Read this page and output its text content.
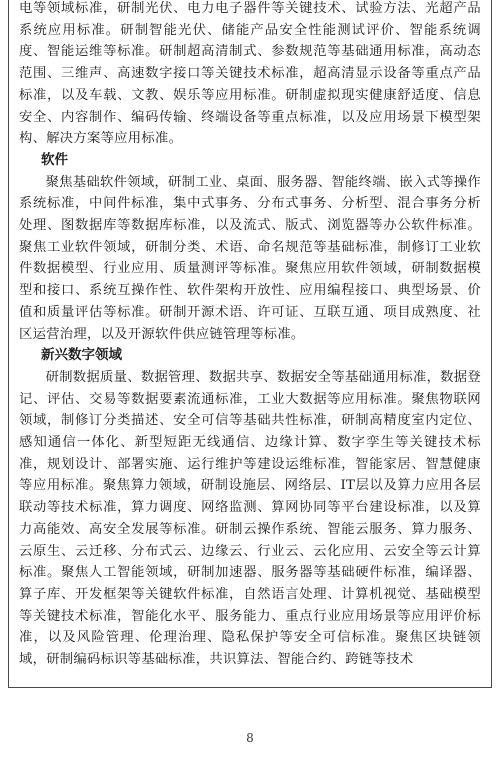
电等领域标准，研制光伏、电力电子器件等关键技术、试验方法、光超产品系统应用标准。研制智能光伏、储能产品安全性能测试评价、智能系统调度、智能运维等标准。研制超高清制式、参数规范等基础通用标准，高动态范围、三维声、高速数字接口等关键技术标准，超高清显示设备等重点产品标准，以及车载、文教、娱乐等应用标准。研制虚拟现实健康舒适度、信息安全、内容制作、编码传输、终端设备等重点标准，以及应用场景下模型架构、解决方案等应用标准。

软件

聚焦基础软件领域，研制工业、桌面、服务器、智能终端、嵌入式等操作系统标准，中间件标准，集中式事务、分布式事务、分析型、混合事务分析处理、图数据库等数据库标准，以及流式、版式、浏览器等办公软件标准。聚焦工业软件领域，研制分类、术语、命名规范等基础标准，制修订工业软件数据模型、行业应用、质量测评等标准。聚焦应用软件领域，研制数据模型和接口、系统互操作性、软件架构开放性、应用编程接口、典型场景、价值和质量评估等标准。研制开源术语、许可证、互联互通、项目成熟度、社区运营治理，以及开源软件供应链管理等标准。

新兴数字领域

研制数据质量、数据管理、数据共享、数据安全等基础通用标准，数据登记、评估、交易等数据要素流通标准，工业大数据等应用标准。聚焦物联网领域，制修订分类描述、安全可信等基础共性标准，研制高精度室内定位、感知通信一体化、新型短距无线通信、边缘计算、数字孪生等关键技术标准，规划设计、部署实施、运行维护等建设运维标准，智能家居、智慧健康等应用标准。聚焦算力领域，研制设施层、网络层、IT层以及算力应用各层联动等技术标准，算力调度、网络监测、算网协同等平台建设标准，以及算力高能效、高安全发展等标准。研制云操作系统、智能云服务、算力服务、云原生、云迁移、分布式云、边缘云、行业云、云化应用、云安全等云计算标准。聚焦人工智能领域，研制加速器、服务器等基础硬件标准，编译器、算子库、开发框架等关键软件标准，自然语言处理、计算机视觉、基础模型等关键技术标准，智能化水平、服务能力、重点行业应用场景等应用评价标准，以及风险管理、伦理治理、隐私保护等安全可信标准。聚焦区块链领域，研制编码标识等基础标准，共识算法、智能合约、跨链等技术

8
